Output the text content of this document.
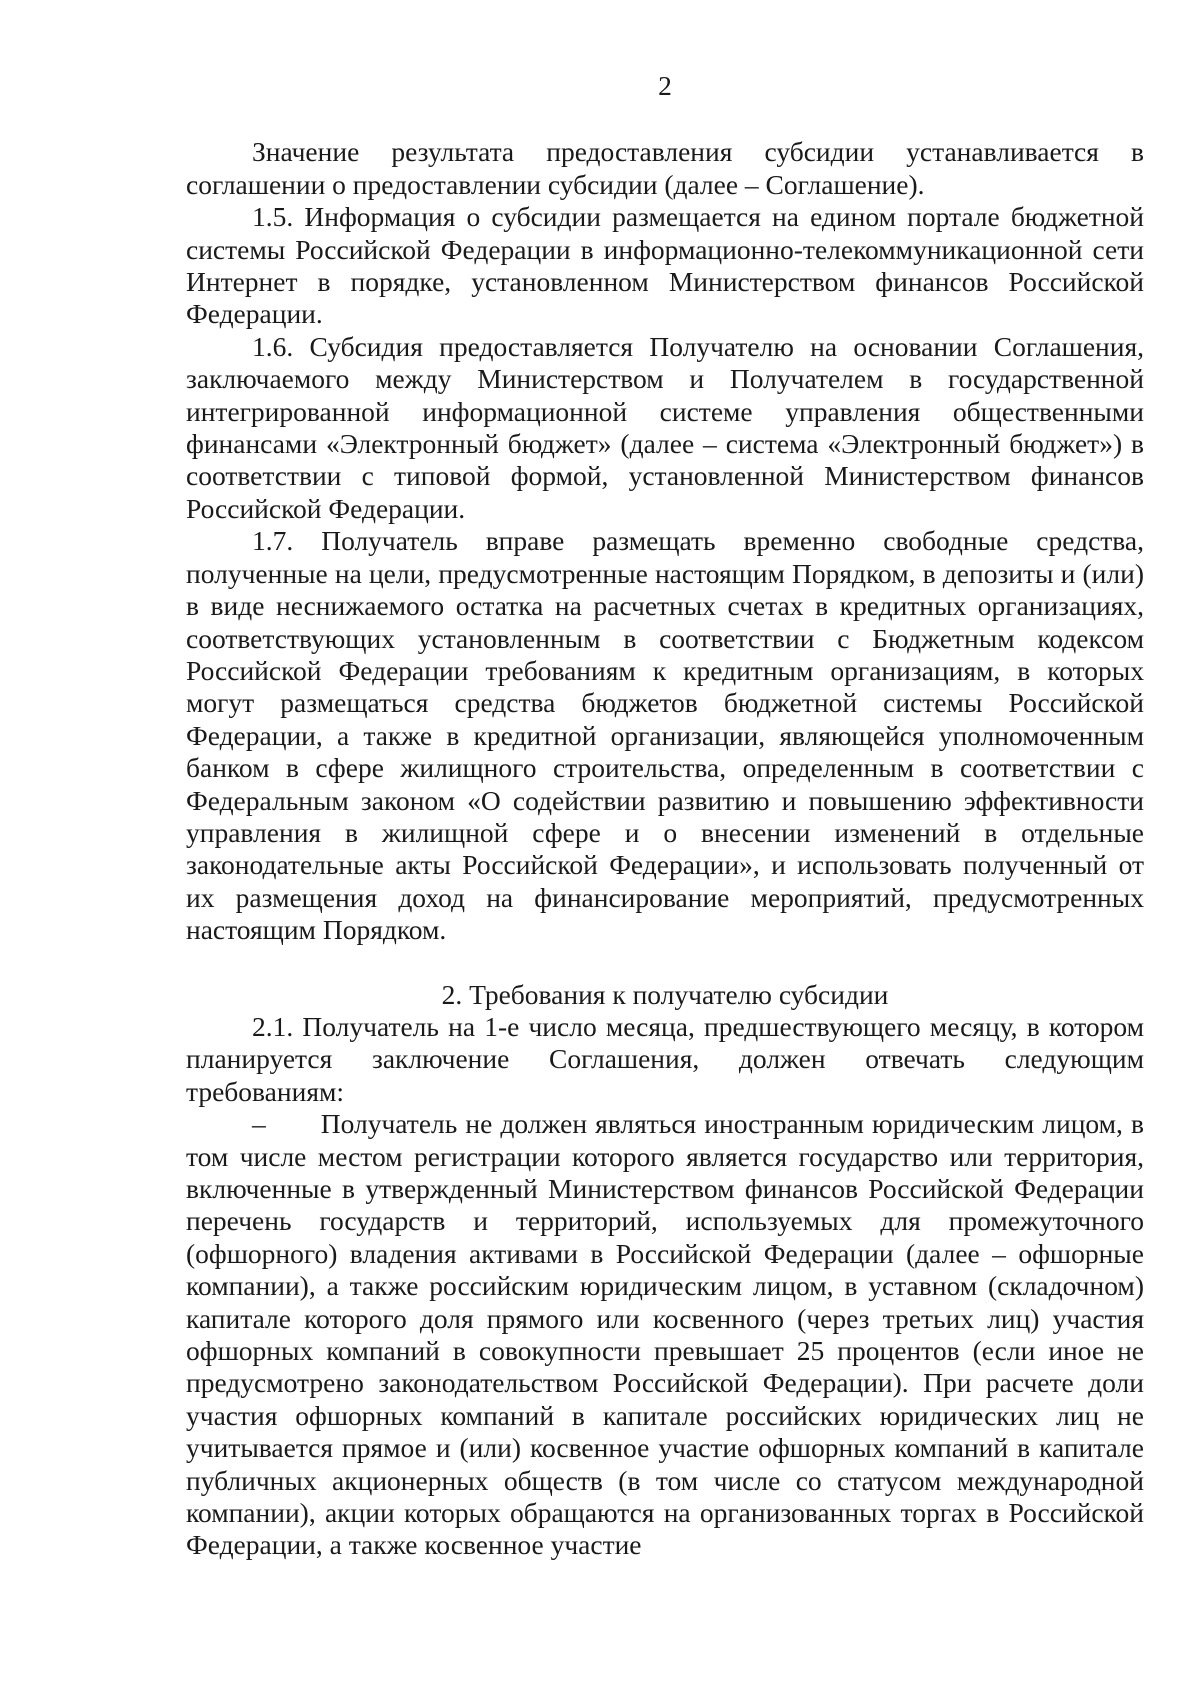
2

Значение результата предоставления субсидии устанавливается в соглашении о предоставлении субсидии (далее – Соглашение).

1.5. Информация о субсидии размещается на едином портале бюджетной системы Российской Федерации в информационно-телекоммуникационной сети Интернет в порядке, установленном Министерством финансов Российской Федерации.

1.6. Субсидия предоставляется Получателю на основании Соглашения, заключаемого между Министерством и Получателем в государственной интегрированной информационной системе управления общественными финансами «Электронный бюджет» (далее – система «Электронный бюджет») в соответствии с типовой формой, установленной Министерством финансов Российской Федерации.

1.7. Получатель вправе размещать временно свободные средства, полученные на цели, предусмотренные настоящим Порядком, в депозиты и (или) в виде неснижаемого остатка на расчетных счетах в кредитных организациях, соответствующих установленным в соответствии с Бюджетным кодексом Российской Федерации требованиям к кредитным организациям, в которых могут размещаться средства бюджетов бюджетной системы Российской Федерации, а также в кредитной организации, являющейся уполномоченным банком в сфере жилищного строительства, определенным в соответствии с Федеральным законом «О содействии развитию и повышению эффективности управления в жилищной сфере и о внесении изменений в отдельные законодательные акты Российской Федерации», и использовать полученный от их размещения доход на финансирование мероприятий, предусмотренных настоящим Порядком.

2. Требования к получателю субсидии

2.1. Получатель на 1-е число месяца, предшествующего месяцу, в котором планируется заключение Соглашения, должен отвечать следующим требованиям:

–  Получатель не должен являться иностранным юридическим лицом, в том числе местом регистрации которого является государство или территория, включенные в утвержденный Министерством финансов Российской Федерации перечень государств и территорий, используемых для промежуточного (офшорного) владения активами в Российской Федерации (далее – офшорные компании), а также российским юридическим лицом, в уставном (складочном) капитале которого доля прямого или косвенного (через третьих лиц) участия офшорных компаний в совокупности превышает 25 процентов (если иное не предусмотрено законодательством Российской Федерации). При расчете доли участия офшорных компаний в капитале российских юридических лиц не учитывается прямое и (или) косвенное участие офшорных компаний в капитале публичных акционерных обществ (в том числе со статусом международной компании), акции которых обращаются на организованных торгах в Российской Федерации, а также косвенное участие
